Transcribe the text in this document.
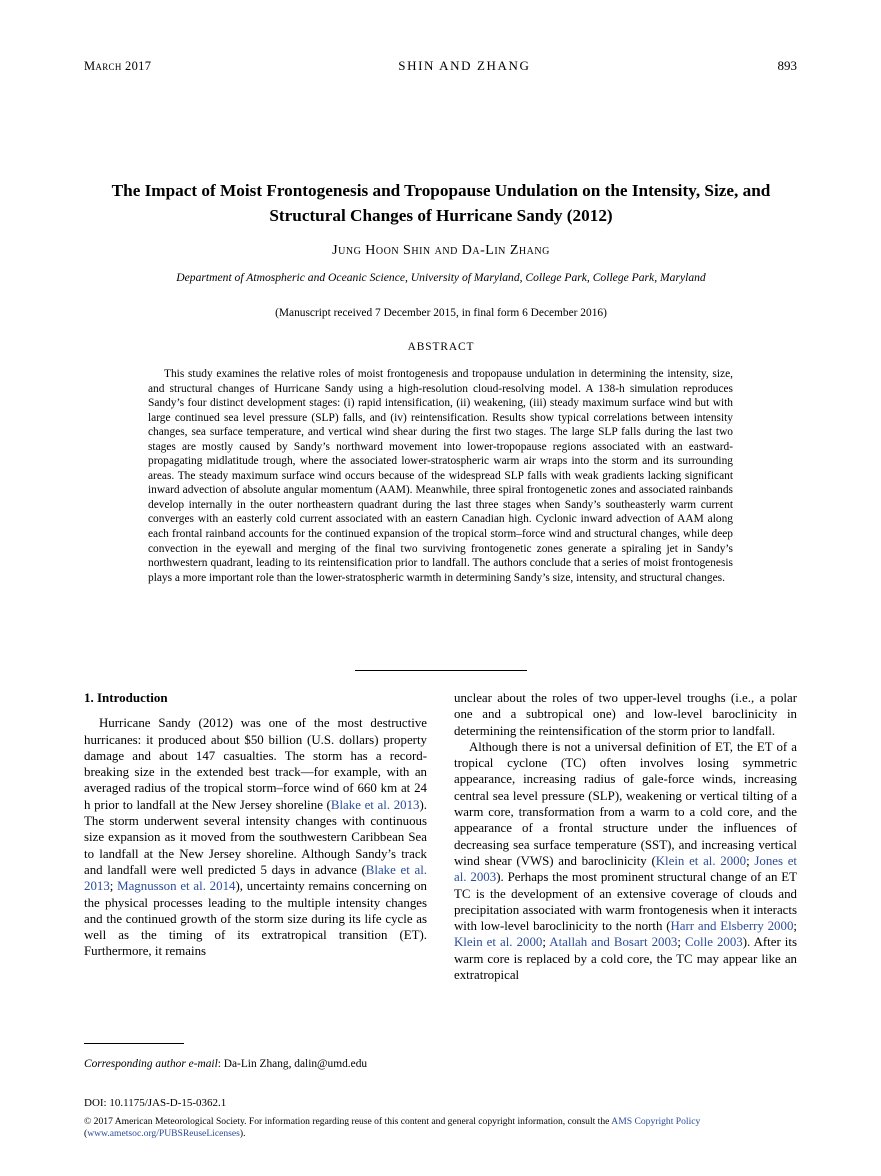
March 2017	SHIN AND ZHANG	893
The Impact of Moist Frontogenesis and Tropopause Undulation on the Intensity, Size, and Structural Changes of Hurricane Sandy (2012)
Jung Hoon Shin and Da-Lin Zhang
Department of Atmospheric and Oceanic Science, University of Maryland, College Park, College Park, Maryland
(Manuscript received 7 December 2015, in final form 6 December 2016)
ABSTRACT
This study examines the relative roles of moist frontogenesis and tropopause undulation in determining the intensity, size, and structural changes of Hurricane Sandy using a high-resolution cloud-resolving model. A 138-h simulation reproduces Sandy’s four distinct development stages: (i) rapid intensification, (ii) weakening, (iii) steady maximum surface wind but with large continued sea level pressure (SLP) falls, and (iv) reintensification. Results show typical correlations between intensity changes, sea surface temperature, and vertical wind shear during the first two stages. The large SLP falls during the last two stages are mostly caused by Sandy’s northward movement into lower-tropopause regions associated with an eastward-propagating midlatitude trough, where the associated lower-stratospheric warm air wraps into the storm and its surrounding areas. The steady maximum surface wind occurs because of the widespread SLP falls with weak gradients lacking significant inward advection of absolute angular momentum (AAM). Meanwhile, three spiral frontogenetic zones and associated rainbands develop internally in the outer northeastern quadrant during the last three stages when Sandy’s southeasterly warm current converges with an easterly cold current associated with an eastern Canadian high. Cyclonic inward advection of AAM along each frontal rainband accounts for the continued expansion of the tropical storm–force wind and structural changes, while deep convection in the eyewall and merging of the final two surviving frontogenetic zones generate a spiraling jet in Sandy’s northwestern quadrant, leading to its reintensification prior to landfall. The authors conclude that a series of moist frontogenesis plays a more important role than the lower-stratospheric warmth in determining Sandy’s size, intensity, and structural changes.
1. Introduction

Hurricane Sandy (2012) was one of the most destructive hurricanes: it produced about $50 billion (U.S. dollars) property damage and about 147 casualties. The storm has a record-breaking size in the extended best track—for example, with an averaged radius of the tropical storm–force wind of 660 km at 24 h prior to landfall at the New Jersey shoreline (Blake et al. 2013). The storm underwent several intensity changes with continuous size expansion as it moved from the southwestern Caribbean Sea to landfall at the New Jersey shoreline. Although Sandy’s track and landfall were well predicted 5 days in advance (Blake et al. 2013; Magnusson et al. 2014), uncertainty remains concerning on the physical processes leading to the multiple intensity changes and the continued growth of the storm size during its life cycle as well as the timing of its extratropical transition (ET). Furthermore, it remains

unclear about the roles of two upper-level troughs (i.e., a polar one and a subtropical one) and low-level baroclinicity in determining the reintensification of the storm prior to landfall.

Although there is not a universal definition of ET, the ET of a tropical cyclone (TC) often involves losing symmetric appearance, increasing radius of gale-force winds, increasing central sea level pressure (SLP), weakening or vertical tilting of a warm core, transformation from a warm to a cold core, and the appearance of a frontal structure under the influences of decreasing sea surface temperature (SST), and increasing vertical wind shear (VWS) and baroclinicity (Klein et al. 2000; Jones et al. 2003). Perhaps the most prominent structural change of an ET TC is the development of an extensive coverage of clouds and precipitation associated with warm frontogenesis when it interacts with low-level baroclinicity to the north (Harr and Elsberry 2000; Klein et al. 2000; Atallah and Bosart 2003; Colle 2003). After its warm core is replaced by a cold core, the TC may appear like an extratropical

Corresponding author e-mail: Da-Lin Zhang, dalin@umd.edu
DOI: 10.1175/JAS-D-15-0362.1
© 2017 American Meteorological Society. For information regarding reuse of this content and general copyright information, consult the AMS Copyright Policy (www.ametsoc.org/PUBSReuseLicenses).
